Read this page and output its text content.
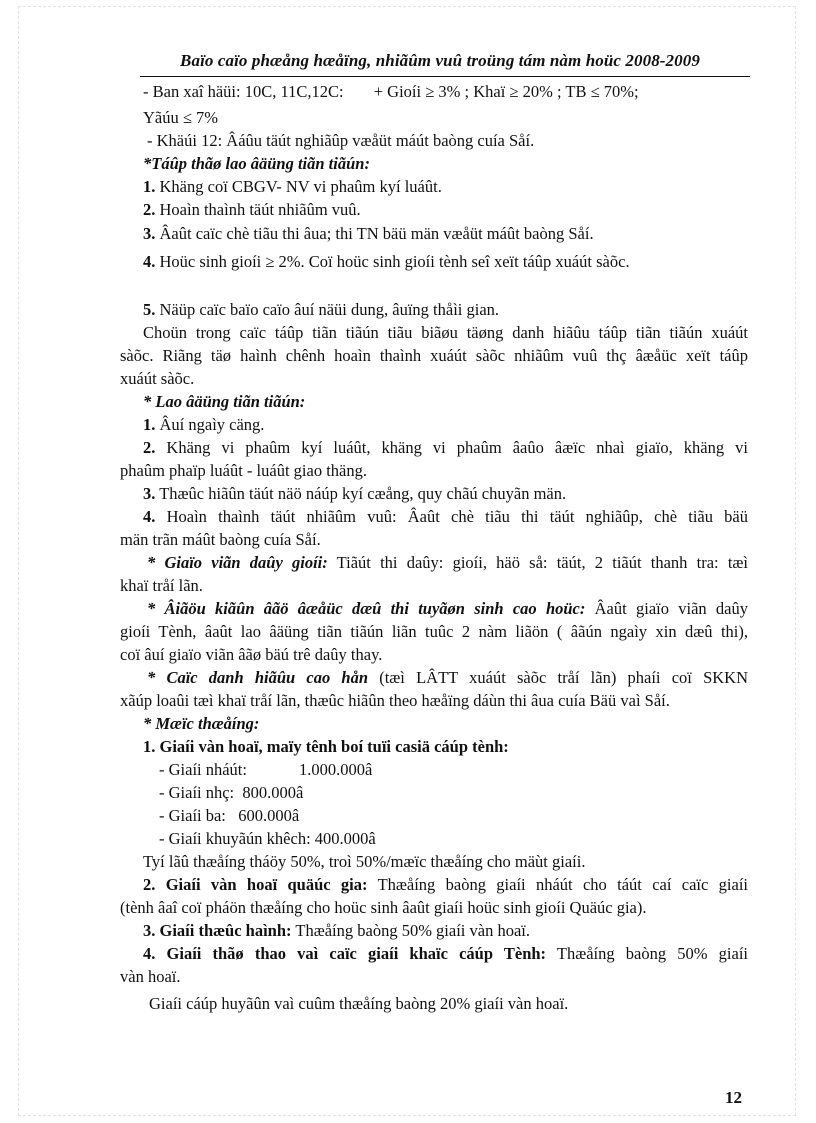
Baïo caïo phæång hæåïng, nhiãûm vuû troüng tám nàm hoüc 2008-2009
- Ban xaî häüi: 10C, 11C,12C: + Gioíi ≥ 3% ; Khaï ≥ 20% ; TB ≤ 70%;
Yãúu ≤ 7%
- Khäúi 12: Âáûu täút nghiãûp væåüt máút baòng cuía Såí.
*Táûp thãø lao âäüng tiãn tiãún:
1. Khäng coï CBGV- NV vi phaûm kyí luáût.
2. Hoaìn thaình täút nhiãûm vuû.
3. Âaût caïc chè tiãu thi âua; thi TN bäü män væåüt máût baòng Såí.
4. Hoüc sinh gioíi ≥ 2%. Coï hoüc sinh gioíi tènh seî xeït táûp xuáút sàõc.
5. Näüp caïc baïo caïo âuí näüi dung, âuïng thåìi gian.
Choün trong caïc táûp tiãn tiãún tiãu biãøu täøng danh hiãûu táûp tiãn tiãún xuáút
sàõc. Riãng täø haình chênh hoaìn thaình xuáút sàõc nhiãûm vuû thç âæåüc xeït táûp
xuáút sàõc.
* Lao âäüng tiãn tiãún:
1. Âuí ngaìy cäng.
2. Khäng vi phaûm kyí luáût, khäng vi phaûm âaûo âæïc nhaì giaïo, khäng vi
phaûm phaïp luáût - luáût giao thäng.
3. Thæûc hiãûn täút näö náúp kyí cæång, quy chãú chuyãn män.
4. Hoaìn thaình täút nhiãûm vuû: Âaût chè tiãu thi täút nghiãûp, chè tiãu bäü
män trãn máût baòng cuía Såí.
* Giaïo viãn daûy gioíi: Tiãút thi daûy: gioíi, häö så: täút, 2 tiãút thanh tra: tæì
khaï tråí lãn.
* Âiãöu kiãûn âãö âæåüc dæû thi tuyãøn sinh cao hoüc: Âaût giaïo viãn daûy
gioíi Tènh, âaût lao âäüng tiãn tiãún liãn tuûc 2 nàm liãön ( âãún ngaìy xin dæû thi),
coï âuí giaïo viãn âãø bäú trê daûy thay.
* Caïc danh hiãûu cao hån (tæì LÂTT xuáút sàõc tråí lãn) phaíi coï SKKN
xãúp loaûi tæì khaï tråí lãn, thæûc hiãûn theo hæåïng dáùn thi âua cuía Bäü vaì Såí.
* Mæïc thæåíng:
1. Giaíi vàn hoaï, maïy tênh boí tuïi casiä cáúp tènh:
- Giaíi nháút:	1.000.000â
- Giaíi nhç: 800.000â
- Giaíi ba: 600.000â
- Giaíi khuyãún khêch: 400.000â
Tyí lãû thæåíng tháöy 50%, troì 50%/mæïc thæåíng cho mäùt giaíi.
2. Giaíi vàn hoaï quäúc gia: Thæåíng baòng giaíi nháút cho táút caí caïc giaíi
(tènh âaî coï pháön thæåíng cho hoüc sinh âaût giaíi hoüc sinh gioíi Quäúc gia).
3. Giaíi thæûc haình: Thæåíng baòng 50% giaíi vàn hoaï.
4. Giaíi thãø thao vaì caïc giaíi khaïc cáúp Tènh: Thæåíng baòng 50% giaíi
vàn hoaï.
Giaíi cáúp huyãûn vaì cuûm thæåíng baòng 20% giaíi vàn hoaï.
12
